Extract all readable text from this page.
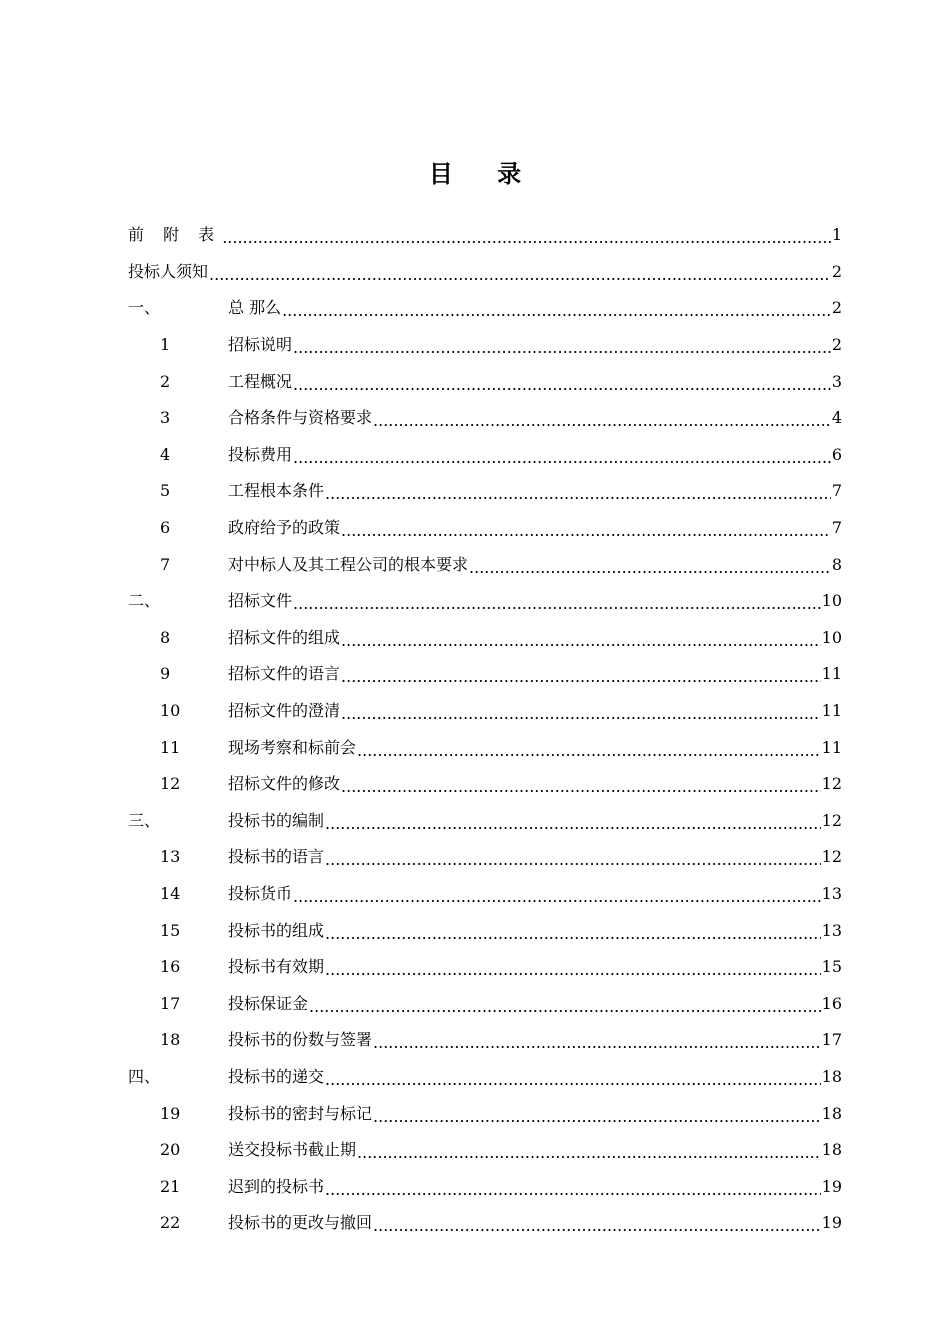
目 录
前 附 表 .....	1
投标人须知 .....	2
一、	总 那么 .....	2
1	招标说明 .....	2
2	工程概况 .....	3
3	合格条件与资格要求 .....	4
4	投标费用 .....	6
5	工程根本条件 .....	7
6	政府给予的政策 .....	7
7	对中标人及其工程公司的根本要求 .....	8
二、	招标文件 .....	10
8	招标文件的组成 .....	10
9	招标文件的语言 .....	11
10	招标文件的澄清 .....	11
11	现场考察和标前会 .....	11
12	招标文件的修改 .....	12
三、	投标书的编制 .....	12
13	投标书的语言 .....	12
14	投标货币 .....	13
15	投标书的组成 .....	13
16	投标书有效期 .....	15
17	投标保证金 .....	16
18	投标书的份数与签署 .....	17
四、	投标书的递交 .....	18
19	投标书的密封与标记 .....	18
20	送交投标书截止期 .....	18
21	迟到的投标书 .....	19
22	投标书的更改与撤回 .....	19
